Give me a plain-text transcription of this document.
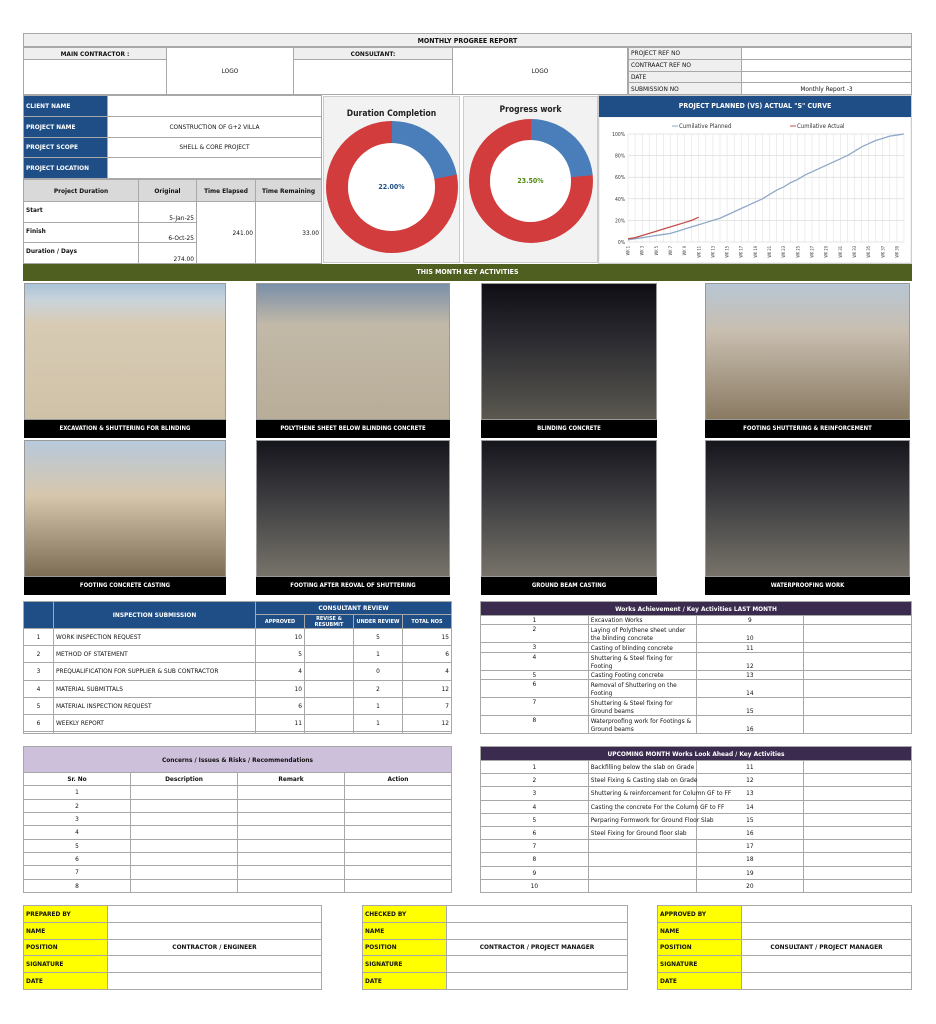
MONTHLY PROGREE REPORT
MAIN CONTRACTOR :	LOGO	CONSULTANT:	LOGO

PROJECT REF NO	
CONTRAACT REF NO	
DATE	
SUBMISSION NO	Monthly Report -3
CLIENT NAME	
PROJECT NAME	CONSTRUCTION OF G+2 VILLA
PROJECT SCOPE	SHELL & CORE PROJECT
PROJECT LOCATION	
Project Duration	Original	Time Elapsed	Time Remaining
Start	5-Jan-25	241.00	33.00
Finish	6-Oct-25		
Duration / Days	274.00		
Duration Completion
22.00%
Progress work
23.50%
PROJECT PLANNED (VS) ACTUAL "S" CURVE
0%
20%
40%
60%
80%
100%
WK 1 WK 3 WK 5 WK 7 WK 9 WK 11 WK 13 WK 15 WK 17 WK 19 WK 21 WK 23 WK 25 WK 27 WK 29 WK 31 WK 33 WK 35 WK 37 WK 39
Cumilative Planned	Cumilative Actual
THIS MONTH KEY ACTIVITIES
EXCAVATION & SHUTTERING FOR BLINDING	POLYTHENE SHEET BELOW BLINDING CONCRETE	BLINDING CONCRETE	FOOTING SHUTTERING & REINFORCEMENT
FOOTING CONCRETE CASTING	FOOTING AFTER REOVAL OF SHUTTERING	GROUND BEAM CASTING	WATERPROOFING WORK
	INSPECTION SUBMISSION	CONSULTANT REVIEW			
		APPROVED	REVISE & RESUBMIT	UNDER REVIEW	TOTAL NOS
1	WORK INSPECTION REQUEST	10		5	15
2	METHOD OF STATEMENT	5		1	6
3	PREQUALIFICATION FOR SUPPLIER & SUB CONTRACTOR	4		0	4
4	MATERIAL SUBMITTALS	10		2	12
5	MATERIAL INSPECTION REQUEST	6		1	7
6	WEEKLY REPORT	11		1	12

Works Achievement / Key Activities LAST MONTH			
1	Excavation Works	9	
2	Laying of Polythene sheet under the blinding concrete	10	
3	Casting of blinding concrete	11	
4	Shuttering & Steel fixing for Footing	12	
5	Casting Footing concrete	13	
6	Removal of Shuttering on the Footing	14	
7	Shuttering & Steel fixing for Ground beams	15	
8	Waterproofing work for Footings & Ground beams	16	
Concerns / Issues & Risks / Recommendations			
Sr. No	Description	Remark	Action
1			
2			
3			
4			
5			
6			
7			
8			
UPCOMING MONTH Works Look Ahead / Key Activities			
1	Backfilling below the slab on Grade	11	
2	Steel Fixing & Casting slab on Grade	12	
3	Shuttering & reinforcement for Column GF to FF	13	
4	Casting the concrete For the Column GF to FF	14	
5	Perparing Formwork for Ground Floor Slab	15	
6	Steel Fixing for Ground floor slab	16	
7		17	
8		18	
9		19	
10		20	
PREPARED BY	
NAME	
POSITION	CONTRACTOR / ENGINEER
SIGNATURE	
DATE	
CHECKED BY	
NAME	
POSITION	CONTRACTOR / PROJECT MANAGER
SIGNATURE	
DATE	
APPROVED BY	
NAME	
POSITION	CONSULTANT / PROJECT MANAGER
SIGNATURE	
DATE	
